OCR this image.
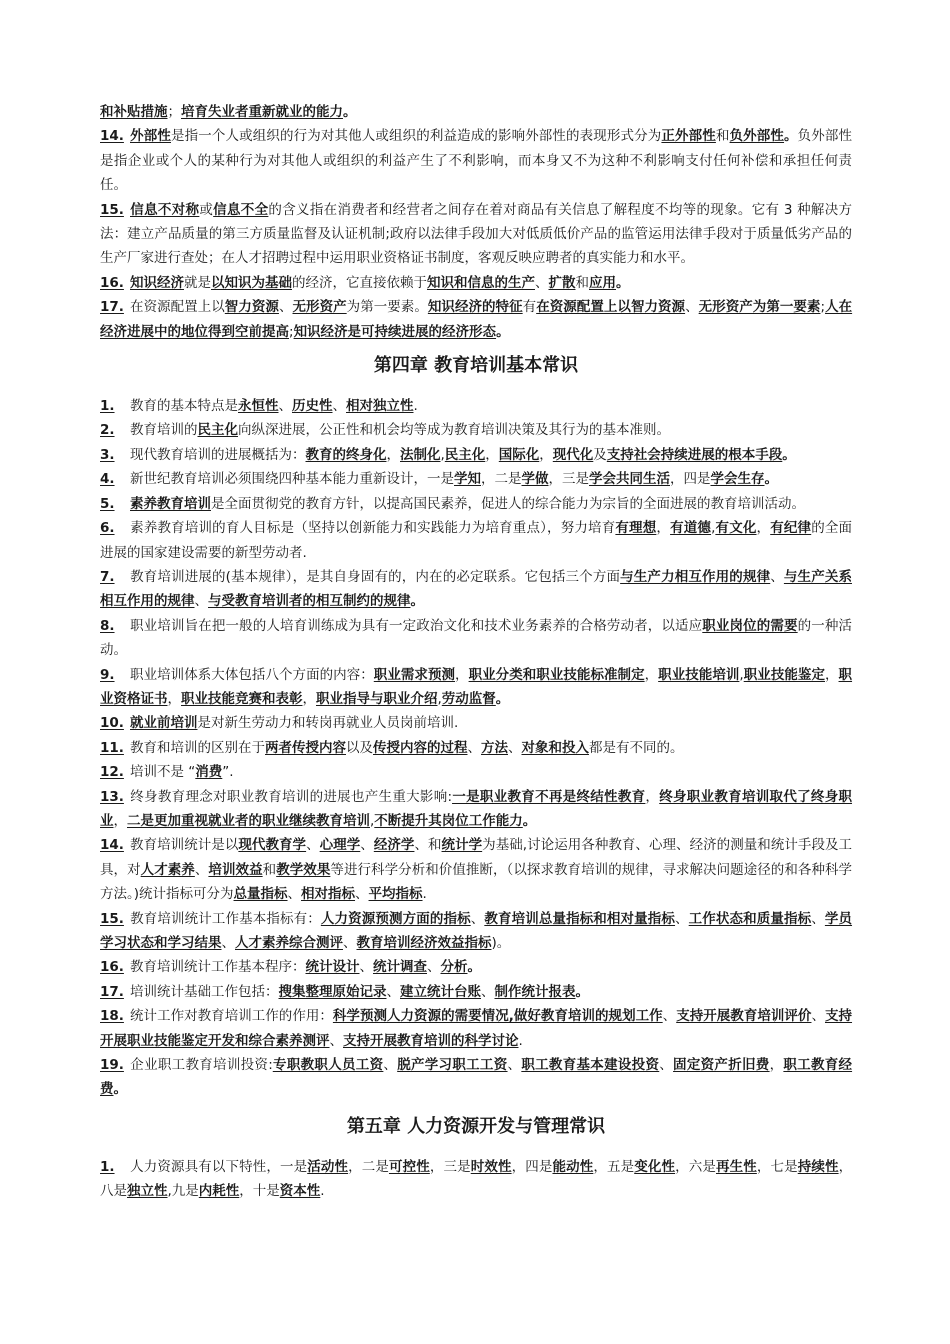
和补贴措施；培育失业者重新就业的能力。

14. 外部性是指一个人或组织的行为对其他人或组织的利益造成的影响外部性的表现形式分为正外部性和负外部性。负外部性是指企业或个人的某种行为对其他人或组织的利益产生了不利影响，而本身又不为这种不利影响支付任何补偿和承担任何责任。

15. 信息不对称或信息不全的含义指在消费者和经营者之间存在着对商品有关信息了解程度不均等的现象。它有 3 种解决方法：建立产品质量的第三方质量监督及认证机制;政府以法律手段加大对低质低价产品的监管运用法律手段对于质量低劣产品的生产厂家进行查处；在人才招聘过程中运用职业资格证书制度，客观反映应聘者的真实能力和水平。

16. 知识经济就是以知识为基础的经济，它直接依赖于知识和信息的生产、扩散和应用。

17. 在资源配置上以智力资源、无形资产为第一要素。知识经济的特征有在资源配置上以智力资源、无形资产为第一要素;人在经济进展中的地位得到空前提高;知识经济是可持续进展的经济形态。

第四章 教育培训基本常识

1. 教育的基本特点是永恒性、历史性、相对独立性.

2. 教育培训的民主化向纵深进展，公正性和机会均等成为教育培训决策及其行为的基本准则。

3. 现代教育培训的进展概括为：教育的终身化，法制化,民主化，国际化，现代化及支持社会持续进展的根本手段。

4. 新世纪教育培训必须围绕四种基本能力重新设计，一是学知，二是学做，三是学会共同生活，四是学会生存。

5. 素养教育培训是全面贯彻党的教育方针，以提高国民素养，促进人的综合能力为宗旨的全面进展的教育培训活动。

6. 素养教育培训的育人目标是（坚持以创新能力和实践能力为培育重点），努力培育有理想，有道德,有文化，有纪律的全面进展的国家建设需要的新型劳动者.

7. 教育培训进展的(基本规律），是其自身固有的，内在的必定联系。它包括三个方面与生产力相互作用的规律、与生产关系相互作用的规律、与受教育培训者的相互制约的规律。

8. 职业培训旨在把一般的人培育训练成为具有一定政治文化和技术业务素养的合格劳动者，以适应职业岗位的需要的一种活动。

9. 职业培训体系大体包括八个方面的内容：职业需求预测，职业分类和职业技能标准制定，职业技能培训,职业技能鉴定，职业资格证书，职业技能竞赛和表彰，职业指导与职业介绍,劳动监督。

10. 就业前培训是对新生劳动力和转岗再就业人员岗前培训.

11. 教育和培训的区别在于两者传授内容以及传授内容的过程、方法、对象和投入都是有不同的。

12. 培训不是 “消费”.

13. 终身教育理念对职业教育培训的进展也产生重大影响:一是职业教育不再是终结性教育，终身职业教育培训取代了终身职业，二是更加重视就业者的职业继续教育培训,不断提升其岗位工作能力。

14. 教育培训统计是以现代教育学、心理学、经济学、和统计学为基础,讨论运用各种教育、心理、经济的测量和统计手段及工具，对人才素养、培训效益和教学效果等进行科学分析和价值推断，（以探求教育培训的规律，寻求解决问题途径的和各种科学方法。)统计指标可分为总量指标、相对指标、平均指标.

15. 教育培训统计工作基本指标有：人力资源预测方面的指标、教育培训总量指标和相对量指标、工作状态和质量指标、学员学习状态和学习结果、人才素养综合测评、教育培训经济效益指标)。

16. 教育培训统计工作基本程序：统计设计、统计调查、分析。

17. 培训统计基础工作包括：搜集整理原始记录、建立统计台账、制作统计报表。

18. 统计工作对教育培训工作的作用：科学预测人力资源的需要情况,做好教育培训的规划工作、支持开展教育培训评价、支持开展职业技能鉴定开发和综合素养测评、支持开展教育培训的科学讨论.

19. 企业职工教育培训投资:专职教职人员工资、脱产学习职工工资、职工教育基本建设投资、固定资产折旧费，职工教育经费。

第五章 人力资源开发与管理常识

1. 人力资源具有以下特性，一是活动性，二是可控性，三是时效性，四是能动性，五是变化性，六是再生性，七是持续性，八是独立性,九是内耗性，十是资本性.
